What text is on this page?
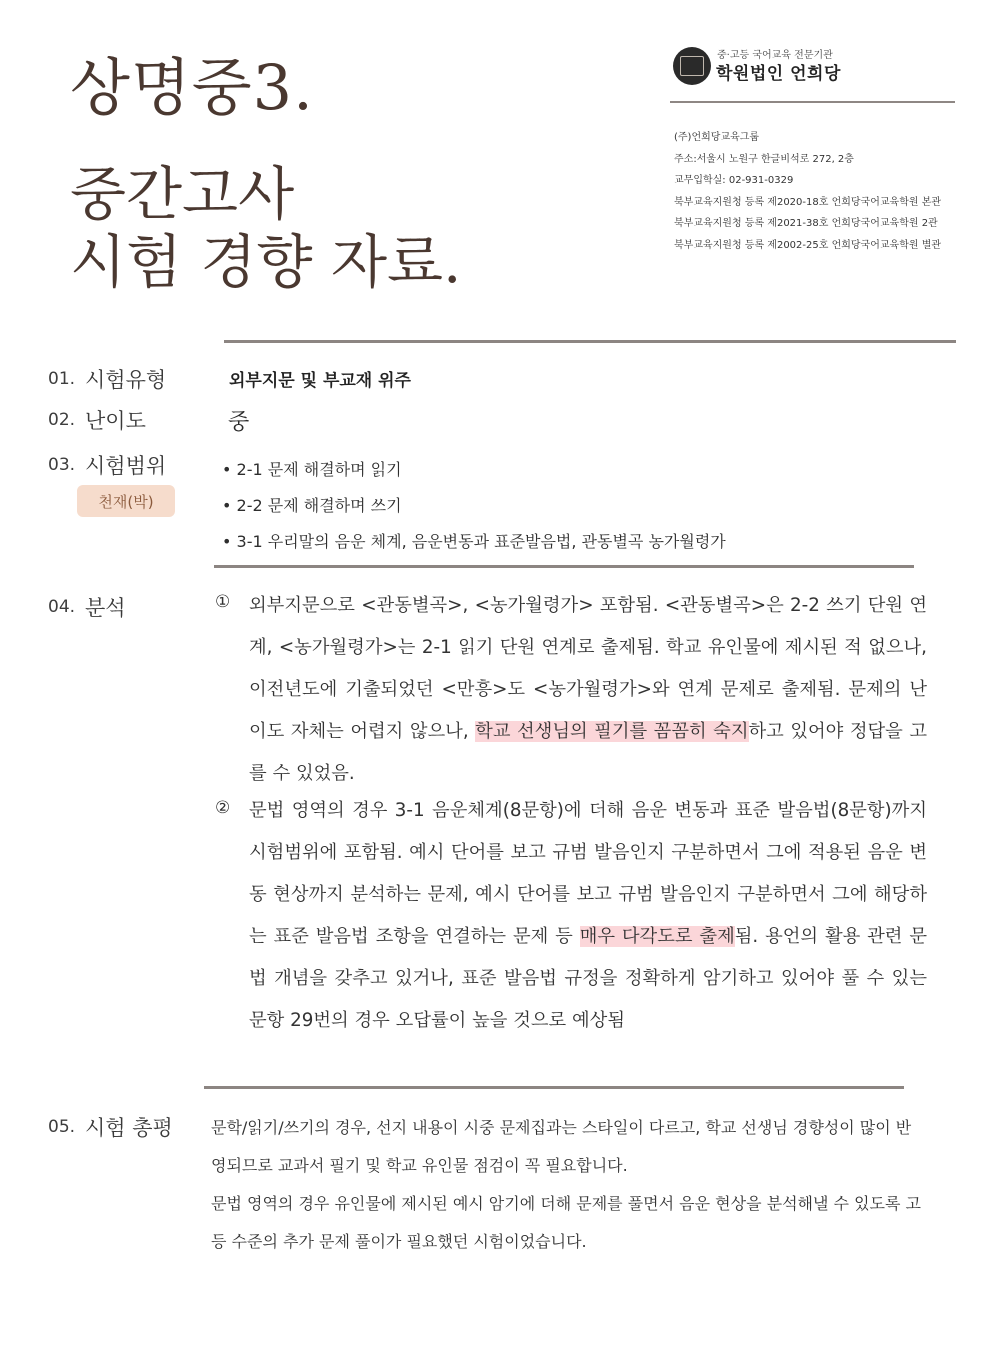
상명중3.
중간고사
시험 경향 자료.
중·고등 국어교육 전문기관
학원법인 언희당
(주)언희당교육그룹
주소:서울시 노원구 한글비석로 272, 2층
교무입학실: 02-931-0329
북부교육지원청 등록 제2020-18호 언희당국어교육학원 본관
북부교육지원청 등록 제2021-38호 언희당국어교육학원 2관
북부교육지원청 등록 제2002-25호 언희당국어교육학원 별관
01. 시험유형	외부지문 및 부교재 위주
02. 난이도	중
03. 시험범위
천재(박)
• 2-1 문제 해결하며 읽기
• 2-2 문제 해결하며 쓰기
• 3-1 우리말의 음운 체계, 음운변동과 표준발음법, 관동별곡 농가월령가
04. 분석	①	외부지문으로 <관동별곡>, <농가월령가> 포함됨. <관동별곡>은 2-2 쓰기 단원 연계, <농가월령가>는 2-1 읽기 단원 연계로 출제됨. 학교 유인물에 제시된 적 없으나, 이전년도에 기출되었던 <만흥>도 <농가월령가>와 연계 문제로 출제됨. 문제의 난이도 자체는 어렵지 않으나, 학교 선생님의 필기를 꼼꼼히 숙지하고 있어야 정답을 고를 수 있었음.
②	문법 영역의 경우 3-1 음운체계(8문항)에 더해 음운 변동과 표준 발음법(8문항)까지 시험범위에 포함됨. 예시 단어를 보고 규범 발음인지 구분하면서 그에 적용된 음운 변동 현상까지 분석하는 문제, 예시 단어를 보고 규범 발음인지 구분하면서 그에 해당하는 표준 발음법 조항을 연결하는 문제 등 매우 다각도로 출제됨. 용언의 활용 관련 문법 개념을 갖추고 있거나, 표준 발음법 규정을 정확하게 암기하고 있어야 풀 수 있는 문항 29번의 경우 오답률이 높을 것으로 예상됨
05. 시험 총평 문학/읽기/쓰기의 경우, 선지 내용이 시중 문제집과는 스타일이 다르고, 학교 선생님 경향성이 많이 반영되므로 교과서 필기 및 학교 유인물 점검이 꼭 필요합니다.

문법 영역의 경우 유인물에 제시된 예시 암기에 더해 문제를 풀면서 음운 현상을 분석해낼 수 있도록 고등 수준의 추가 문제 풀이가 필요했던 시험이었습니다.
